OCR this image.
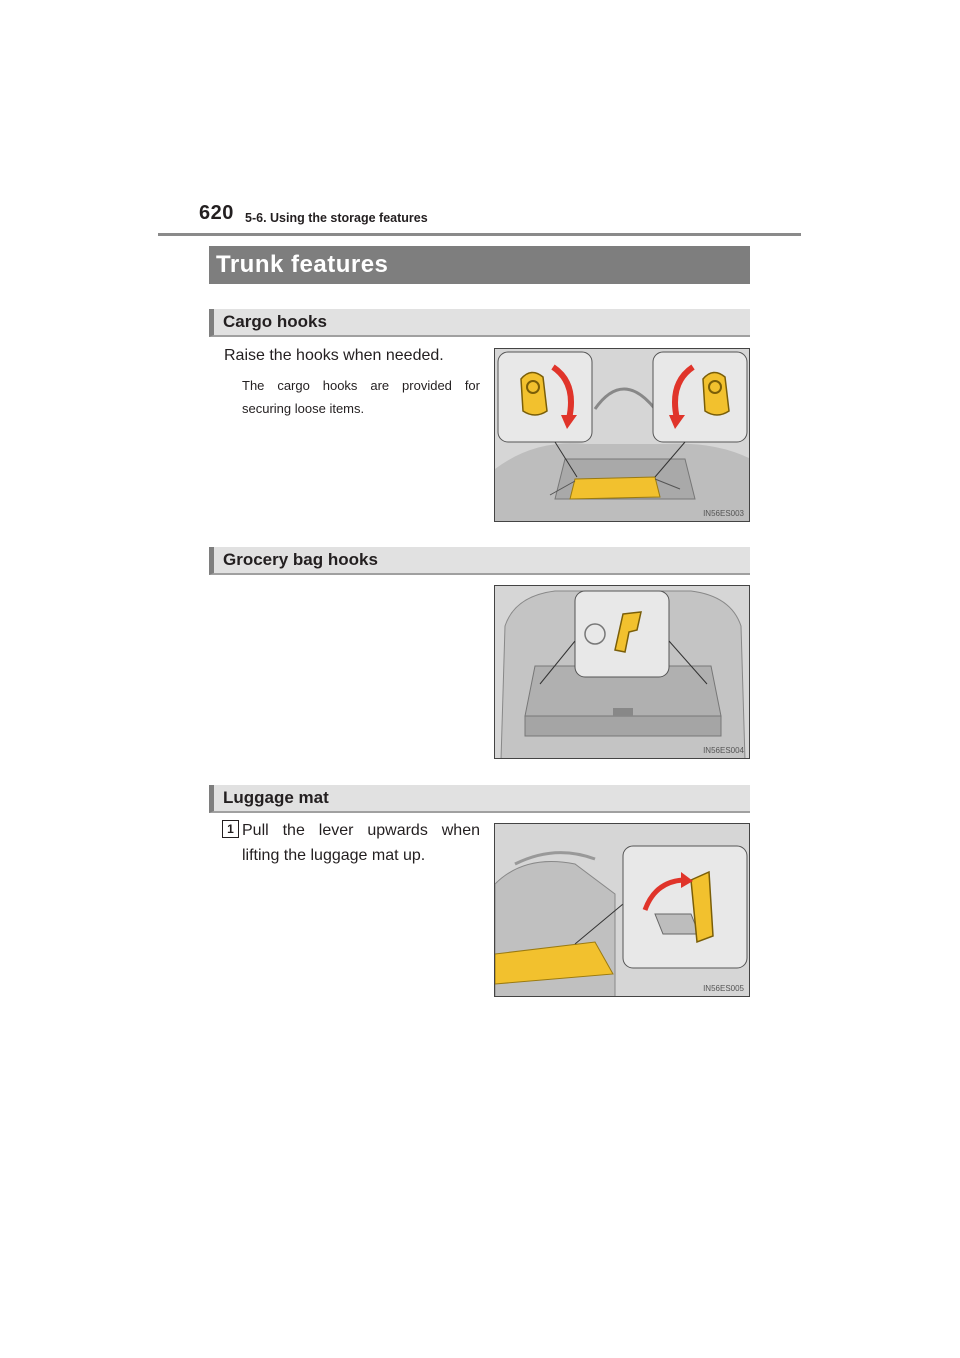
620 5-6. Using the storage features
Trunk features
Cargo hooks
Raise the hooks when needed.
The cargo hooks are provided for securing loose items.
IN56ES003
Grocery bag hooks
IN56ES004
Luggage mat
1 Pull the lever upwards when lifting the luggage mat up.
IN56ES005
